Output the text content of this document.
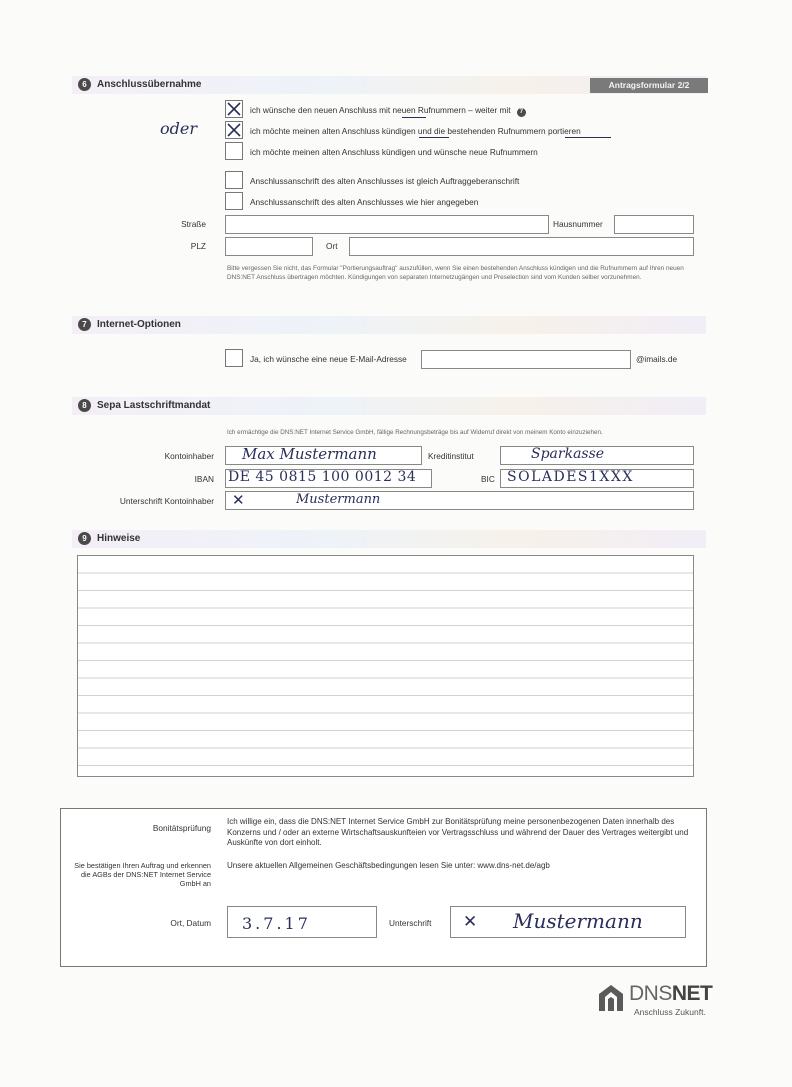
6	Anschlussübernahme	Antragsformular 2/2
oder
ich wünsche den neuen Anschluss mit neuen Rufnummern – weiter mit 7
ich möchte meinen alten Anschluss kündigen und die bestehenden Rufnummern portieren
ich möchte meinen alten Anschluss kündigen und wünsche neue Rufnummern
Anschlussanschrift des alten Anschlusses ist gleich Auftraggeberanschrift
Anschlussanschrift des alten Anschlusses wie hier angegeben
Straße	Hausnummer
PLZ	Ort
Bitte vergessen Sie nicht, das Formular "Portierungsauftrag" auszufüllen, wenn Sie einen bestehenden Anschluss kündigen und die Rufnummern auf Ihren neuen DNS:NET Anschluss übertragen möchten. Kündigungen von separaten Internetzugängen und Preselection sind vom Kunden selber vorzunehmen.
7	Internet-Optionen
Ja, ich wünsche eine neue E-Mail-Adresse	@imails.de
8	Sepa Lastschriftmandat
Ich ermächtige die DNS:NET Internet Service GmbH, fällige Rechnungsbeträge bis auf Widerruf direkt von meinem Konto einzuziehen.
Kontoinhaber Max Mustermann	Kreditinstitut	Sparkasse
IBAN DE 45 0815 100 0012 34	BIC SOLADES1XXX
Unterschrift Kontoinhaber ✕	Mustermann
9	Hinweise
Bonitätsprüfung
Ich willige ein, dass die DNS:NET Internet Service GmbH zur Bonitätsprüfung meine personenbezogenen Daten innerhalb des Konzerns und / oder an externe Wirtschaftsauskunfteien vor Vertragsschluss und während der Dauer des Vertrages weitergibt und Auskünfte von dort einholt.
Sie bestätigen Ihren Auftrag und erkennen die AGBs der DNS:NET Internet Service GmbH an
Unsere aktuellen Allgemeinen Geschäftsbedingungen lesen Sie unter: www.dns-net.de/agb
Ort, Datum 3.7.17	Unterschrift ✕ Mustermann
DNSNET
Anschluss Zukunft.
